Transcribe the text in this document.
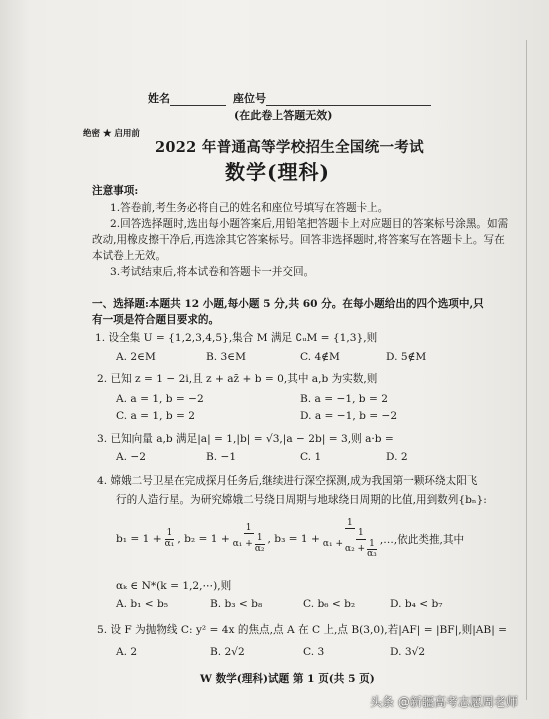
姓名	座位号
(在此卷上答题无效)
绝密 ★ 启用前
2022 年普通高等学校招生全国统一考试
数学(理科)
注意事项:
1.答卷前,考生务必将自己的姓名和座位号填写在答题卡上。
2.回答选择题时,选出每小题答案后,用铅笔把答题卡上对应题目的答案标号涂黑。如需
改动,用橡皮擦干净后,再选涂其它答案标号。回答非选择题时,将答案写在答题卡上。写在
本试卷上无效。
3.考试结束后,将本试卷和答题卡一并交回。
一、选择题:本题共 12 小题,每小题 5 分,共 60 分。在每小题给出的四个选项中,只
有一项是符合题目要求的。
1. 设全集 U = {1,2,3,4,5},集合 M 满足 ∁ᵤM = {1,3},则
A. 2∈M	B. 3∈M	C. 4∉M	D. 5∉M
2. 已知 z = 1 − 2i,且 z + az̄ + b = 0,其中 a,b 为实数,则
A. a = 1, b = −2	B. a = −1, b = 2
C. a = 1, b = 2	D. a = −1, b = −2
3. 已知向量 a,b 满足|a| = 1,|b| = √3,|a − 2b| = 3,则 a·b =
A. −2	B. −1	C. 1	D. 2
4. 嫦娥二号卫星在完成探月任务后,继续进行深空探测,成为我国第一颗环绕太阳飞
行的人造行星。为研究嫦娥二号绕日周期与地球绕日周期的比值,用到数列{bₙ}:
$b_1 = 1 + \frac{1}{\text{α₁}}$ , $b_2 = 1 + \frac{1}{\alpha_1 + \frac{1}{\text{α₂}}}$ , b₃ = 1 +
1
$\alpha_1 + \frac{1}{\alpha_2 + \frac{1}{\text{α₃}}}$ ,…,依此类推,其中
αₖ ∈ N*(k = 1,2,⋯),则
A. b₁ < b₅	B. b₃ < b₈	C. b₆ < b₂	D. b₄ < b₇
5. 设 F 为抛物线 C: y² = 4x 的焦点,点 A 在 C 上,点 B(3,0),若|AF| = |BF|,则|AB| =
A. 2	B. 2√2	C. 3	D. 3√2
W 数学(理科)试题 第 1 页(共 5 页)
头条 @新疆高考志愿周老师
